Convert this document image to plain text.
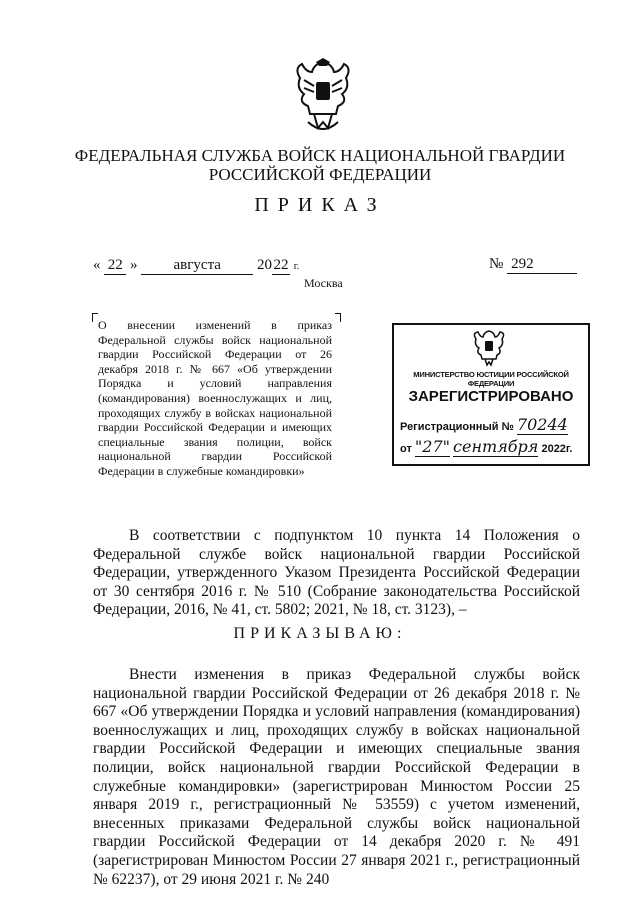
ФЕДЕРАЛЬНАЯ СЛУЖБА ВОЙСК НАЦИОНАЛЬНОЙ ГВАРДИИ
РОССИЙСКОЙ ФЕДЕРАЦИИ
ПРИКАЗ
« 22 » августа 20 22 г.	№ 292
Москва
О внесении изменений в приказ Федеральной службы войск национальной гвардии Российской Федерации от 26 декабря 2018 г. № 667 «Об утверждении Порядка и условий направления (командирования) военнослужащих и лиц, проходящих службу в войсках национальной гвардии Российской Федерации и имеющих специальные звания полиции, войск национальной гвардии Российской Федерации в служебные командировки»
МИНИСТЕРСТВО ЮСТИЦИИ РОССИЙСКОЙ ФЕДЕРАЦИИ
ЗАРЕГИСТРИРОВАНО
Регистрационный № 70244
от "27" сентября 2022г.

В соответствии с подпунктом 10 пункта 14 Положения о Федеральной службе войск национальной гвардии Российской Федерации, утвержденного Указом Президента Российской Федерации от 30 сентября 2016 г. № 510 (Собрание законодательства Российской Федерации, 2016, № 41, ст. 5802; 2021, № 18, ст. 3123), –

ПРИКАЗЫВАЮ:

Внести изменения в приказ Федеральной службы войск национальной гвардии Российской Федерации от 26 декабря 2018 г. № 667 «Об утверждении Порядка и условий направления (командирования) военнослужащих и лиц, проходящих службу в войсках национальной гвардии Российской Федерации и имеющих специальные звания полиции, войск национальной гвардии Российской Федерации в служебные командировки» (зарегистрирован Минюстом России 25 января 2019 г., регистрационный № 53559) с учетом изменений, внесенных приказами Федеральной службы войск национальной гвардии Российской Федерации от 14 декабря 2020 г. № 491 (зарегистрирован Минюстом России 27 января 2021 г., регистрационный № 62237), от 29 июня 2021 г. № 240
